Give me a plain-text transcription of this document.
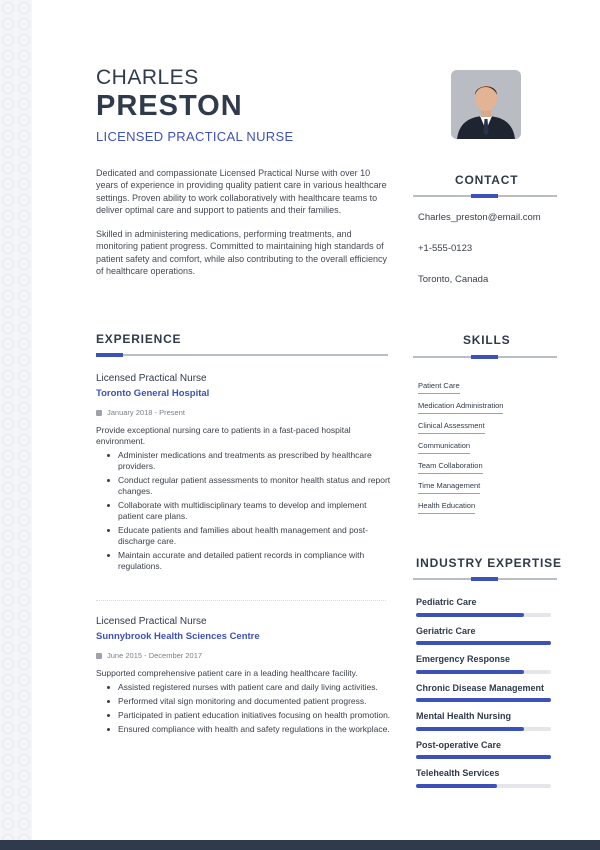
CHARLES
PRESTON
LICENSED PRACTICAL NURSE

Dedicated and compassionate Licensed Practical Nurse with over 10 years of experience in providing quality patient care in various healthcare settings. Proven ability to work collaboratively with healthcare teams to deliver optimal care and support to patients and their families.

Skilled in administering medications, performing treatments, and monitoring patient progress. Committed to maintaining high standards of patient safety and comfort, while also contributing to the overall efficiency of healthcare operations.

CONTACT
Charles_preston@email.com
+1-555-0123
Toronto, Canada
EXPERIENCE
Licensed Practical Nurse
Toronto General Hospital
January 2018 - Present
Provide exceptional nursing care to patients in a fast-paced hospital environment.
Administer medications and treatments as prescribed by healthcare providers.
Conduct regular patient assessments to monitor health status and report changes.
Collaborate with multidisciplinary teams to develop and implement patient care plans.
Educate patients and families about health management and post-discharge care.
Maintain accurate and detailed patient records in compliance with regulations.
Licensed Practical Nurse
Sunnybrook Health Sciences Centre
June 2015 - December 2017
Supported comprehensive patient care in a leading healthcare facility.
Assisted registered nurses with patient care and daily living activities.
Performed vital sign monitoring and documented patient progress.
Participated in patient education initiatives focusing on health promotion.
Ensured compliance with health and safety regulations in the workplace.
SKILLS
Patient Care
Medication Administration
Clinical Assessment
Communication
Team Collaboration
Time Management
Health Education
INDUSTRY EXPERTISE
Pediatric Care
Geriatric Care
Emergency Response
Chronic Disease Management
Mental Health Nursing
Post-operative Care
Telehealth Services
